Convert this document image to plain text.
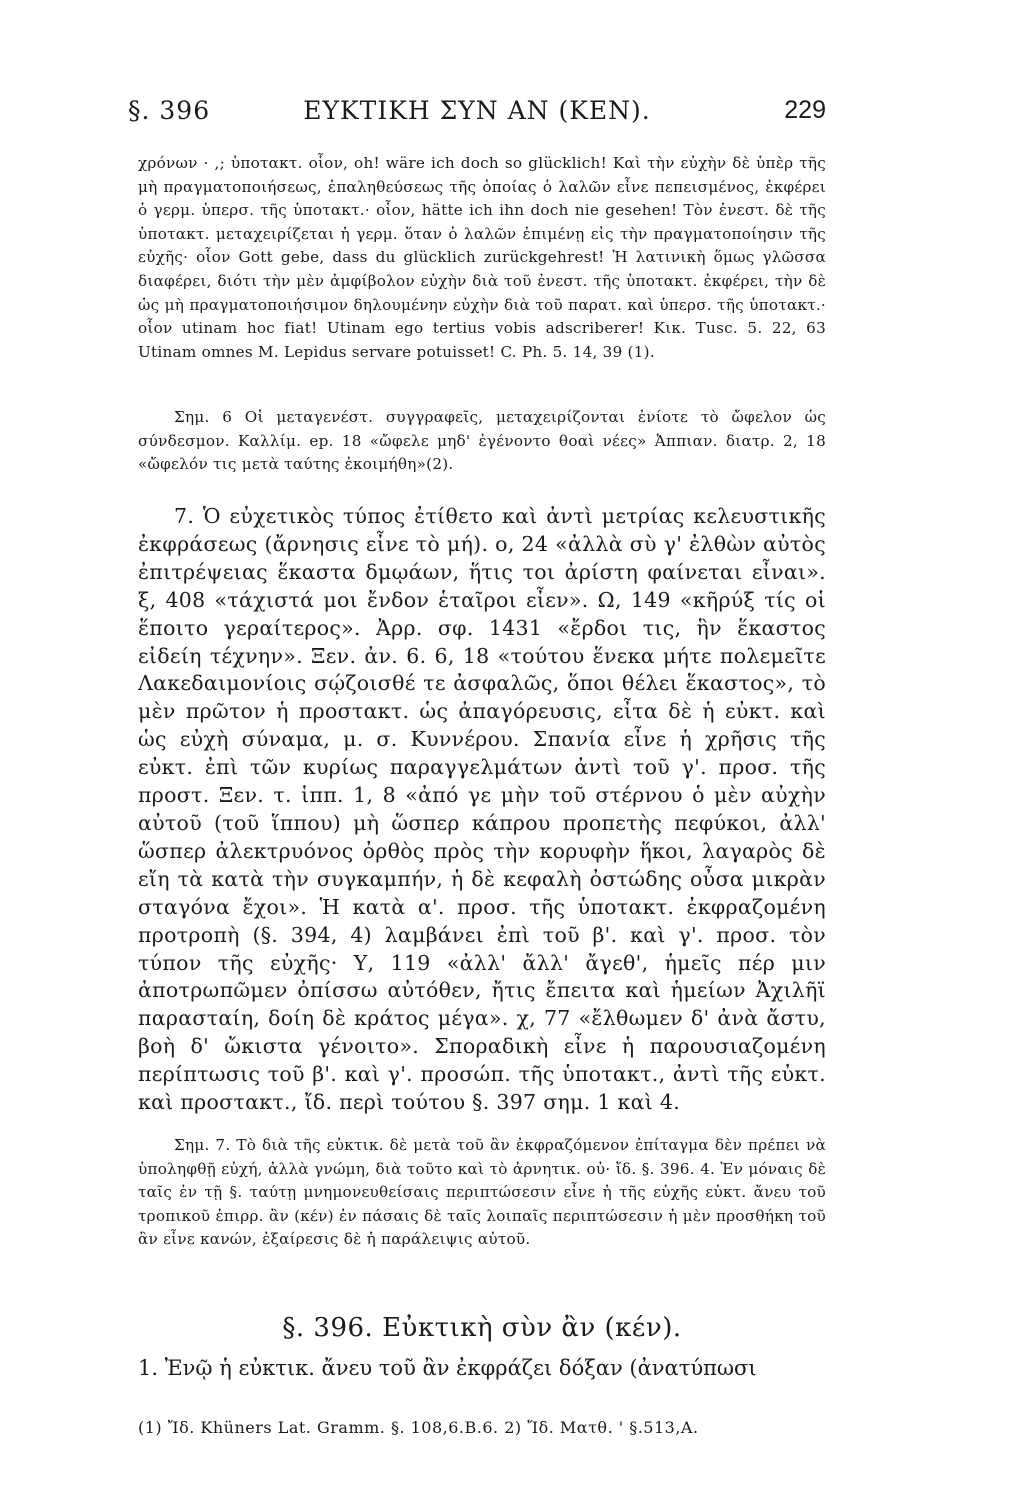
§. 396	ΕΥΚΤΙΚΗ ΣΥΝ ΑΝ (ΚΕΝ).	229

χρόνων · ,; ὑποτακτ. οἷον, oh! wäre ich doch so glücklich! Καὶ τὴν εὐχὴν δὲ ὑπὲρ τῆς μὴ πραγματοποιήσεως, ἐπαληθεύσεως τῆς ὁποίας ὁ λαλῶν εἶνε πεπεισμένος, ἐκφέρει ὁ γερμ. ὑπερσ. τῆς ὑποτακτ.· οἷον, hätte ich ihn doch nie gesehen! Τὸν ἐνεστ. δὲ τῆς ὑποτακτ. μεταχειρίζεται ἡ γερμ. ὅταν ὁ λαλῶν ἐπιμένῃ εἰς τὴν πραγματοποίησιν τῆς εὐχῆς· οἷον Gott gebe, dass du glücklich zurückgehrest! Ἡ λατινικὴ ὅμως γλῶσσα διαφέρει, διότι τὴν μὲν ἀμφίβολον εὐχὴν διὰ τοῦ ἐνεστ. τῆς ὑποτακτ. ἐκφέρει, τὴν δὲ ὡς μὴ πραγματοποιήσιμον δηλουμένην εὐχὴν διὰ τοῦ παρατ. καὶ ὑπερσ. τῆς ὑποτακτ.· οἷον utinam hoc fiat! Utinam ego tertius vobis adscriberer! Κικ. Tusc. 5. 22, 63 Utinam omnes M. Lepidus servare potuisset! C. Ph. 5. 14, 39 (1).

Σημ. 6 Οἱ μεταγενέστ. συγγραφεῖς, μεταχειρίζονται ἐνίοτε τὸ ὤφελον ὡς σύνδεσμον. Καλλίμ. ep. 18 «ὤφελε μηδ' ἐγένοντο θοαὶ νέες» Ἀππιαν. διατρ. 2, 18 «ὤφελόν τις μετὰ ταύτης ἐκοιμήθη»(2).

7. Ὁ εὐχετικὸς τύπος ἐτίθετο καὶ ἀντὶ μετρίας κελευστικῆς ἐκφράσεως (ἄρνησις εἶνε τὸ μή). ο, 24 «ἀλλὰ σὺ γ' ἐλθὼν αὐτὸς ἐπιτρέψειας ἕκαστα δμῳάων, ἥτις τοι ἀρίστη φαίνεται εἶναι». ξ, 408 «τάχιστά μοι ἔνδον ἑταῖροι εἶεν». Ω, 149 «κῆρύξ τίς οἱ ἕποιτο γεραίτερος». Ἀρρ. σφ. 1431 «ἔρδοι τις, ἣν ἕκαστος εἰδείη τέχνην». Ξεν. ἀν. 6. 6, 18 «τούτου ἕνεκα μήτε πολεμεῖτε Λακεδαιμονίοις σῴζοισθέ τε ἀσφαλῶς, ὅποι θέλει ἕκαστος», τὸ μὲν πρῶτον ἡ προστακτ. ὡς ἀπαγόρευσις, εἶτα δὲ ἡ εὐκτ. καὶ ὡς εὐχὴ σύναμα, μ. σ. Κυννέρου. Σπανία εἶνε ἡ χρῆσις τῆς εὐκτ. ἐπὶ τῶν κυρίως παραγγελμάτων ἀντὶ τοῦ γ'. προσ. τῆς προστ. Ξεν. τ. ἱππ. 1, 8 «ἀπό γε μὴν τοῦ στέρνου ὁ μὲν αὐχὴν αὐτοῦ (τοῦ ἵππου) μὴ ὥσπερ κάπρου προπετὴς πεφύκοι, ἀλλ' ὥσπερ ἀλεκτρυόνος ὀρθὸς πρὸς τὴν κορυφὴν ἥκοι, λαγαρὸς δὲ εἴη τὰ κατὰ τὴν συγκαμπήν, ἡ δὲ κεφαλὴ ὀστώδης οὖσα μικρὰν σταγόνα ἔχοι». Ἡ κατὰ α'. προσ. τῆς ὑποτακτ. ἐκφραζομένη προτροπὴ (§. 394, 4) λαμβάνει ἐπὶ τοῦ β'. καὶ γ'. προσ. τὸν τύπον τῆς εὐχῆς· Υ, 119 «ἀλλ' ἄλλ' ἄγεθ', ἡμεῖς πέρ μιν ἀποτρωπῶμεν ὀπίσσω αὐτόθεν, ἤτις ἔπειτα καὶ ἡμείων Ἀχιλῆϊ παρασταίη, δοίη δὲ κράτος μέγα». χ, 77 «ἔλθωμεν δ' ἀνὰ ἄστυ, βοὴ δ' ὤκιστα γένοιτο». Σποραδικὴ εἶνε ἡ παρουσιαζομένη περίπτωσις τοῦ β'. καὶ γ'. προσώπ. τῆς ὑποτακτ., ἀντὶ τῆς εὐκτ. καὶ προστακτ., ἴδ. περὶ τούτου §. 397 σημ. 1 καὶ 4.

Σημ. 7. Τὸ διὰ τῆς εὐκτικ. δὲ μετὰ τοῦ ἂν ἐκφραζόμενον ἐπίταγμα δὲν πρέπει νὰ ὑποληφθῇ εὐχή, ἀλλὰ γνώμη, διὰ τοῦτο καὶ τὸ ἀρνητικ. οὐ· ἴδ. §. 396. 4. Ἐν μόναις δὲ ταῖς ἐν τῇ §. ταύτῃ μνημονευθείσαις περιπτώσεσιν εἶνε ἡ τῆς εὐχῆς εὐκτ. ἄνευ τοῦ τροπικοῦ ἐπιρρ. ἂν (κέν) ἐν πάσαις δὲ ταῖς λοιπαῖς περιπτώσεσιν ἡ μὲν προσθήκη τοῦ ἂν εἶνε κανών, ἐξαίρεσις δὲ ἡ παράλειψις αὐτοῦ.

§. 396. Εὐκτικὴ σὺν ἂν (κέν).

1. Ἐνῷ ἡ εὐκτικ. ἄνευ τοῦ ἂν ἐκφράζει δόξαν (ἀνατύπωσι

(1) Ἴδ. Khüners Lat. Gramm. §. 108,6.B.6. 2) Ἴδ. Ματθ. ' §.513,A.
